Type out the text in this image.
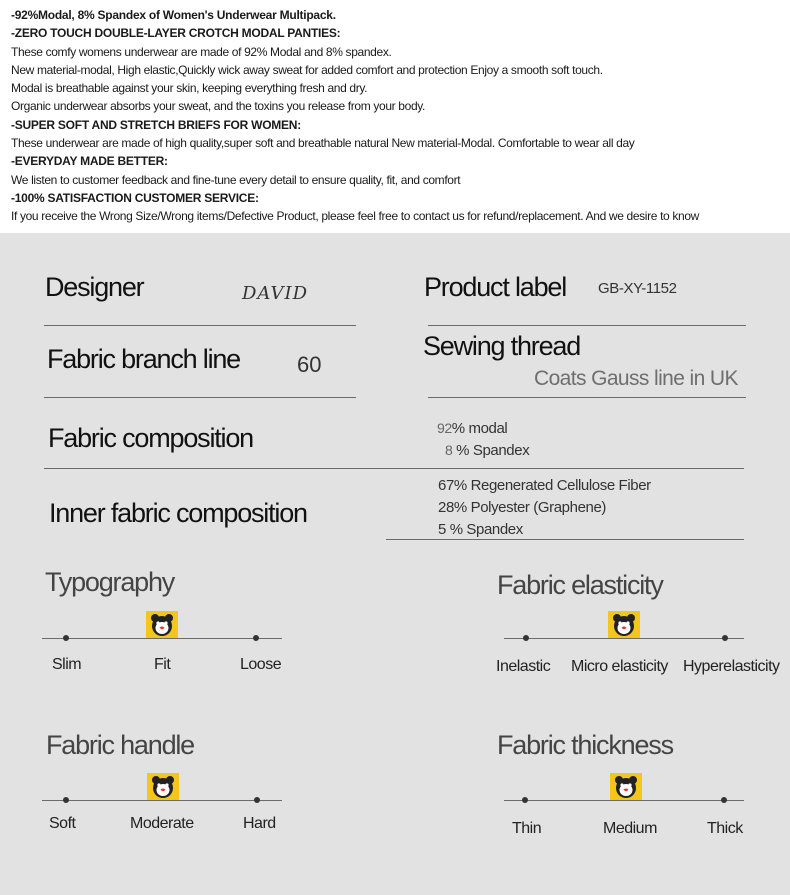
-92%Modal, 8% Spandex of Women's Underwear Multipack.
-ZERO TOUCH DOUBLE-LAYER CROTCH MODAL PANTIES:
These comfy womens underwear are made of 92% Modal and 8% spandex.
New material-modal, High elastic,Quickly wick away sweat for added comfort and protection Enjoy a smooth soft touch.
Modal is breathable against your skin, keeping everything fresh and dry.
Organic underwear absorbs your sweat, and the toxins you release from your body.
-SUPER SOFT AND STRETCH BRIEFS FOR WOMEN:
These underwear are made of high quality,super soft and breathable natural New material-Modal. Comfortable to wear all day
-EVERYDAY MADE BETTER:
We listen to customer feedback and fine-tune every detail to ensure quality, fit, and comfort
-100% SATISFACTION CUSTOMER SERVICE:
If you receive the Wrong Size/Wrong items/Defective Product, please feel free to contact us for refund/replacement. And we desire to know
Designer	DAVID	Product label GB-XY-1152
Fabric branch line	60
Sewing thread
Coats Gauss line in UK
Fabric composition	92% modal
8 % Spandex
Inner fabric composition
67% Regenerated Cellulose Fiber
28% Polyester (Graphene)
5 % Spandex
Typography
Slim	Fit	Loose
Fabric elasticity
Inelastic Micro elasticity Hyperelasticity
Fabric handle
Soft	Moderate	Hard
Fabric thickness
Thin	Medium	Thick
